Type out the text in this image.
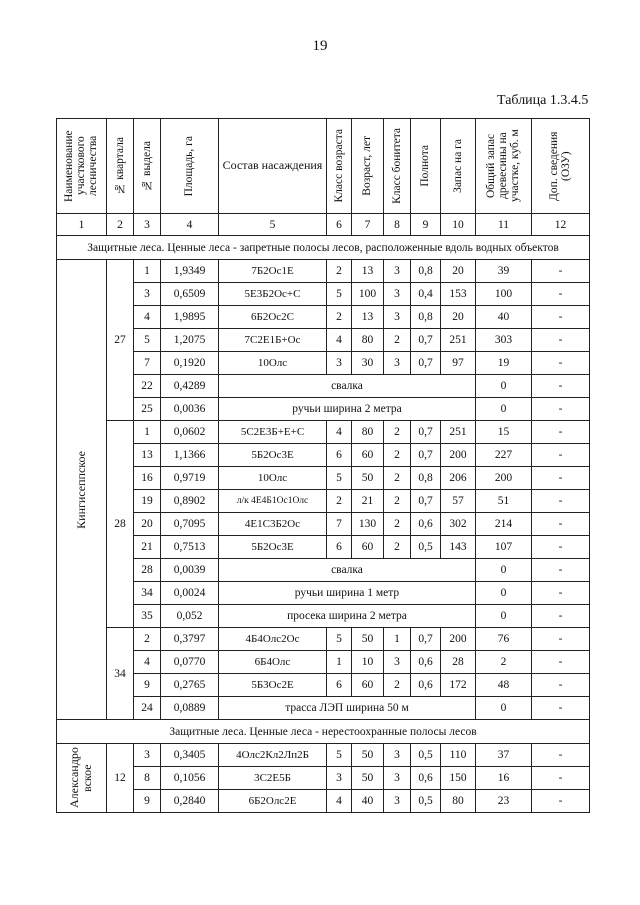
19
Таблица 1.3.4.5
Наименование участкового лесничества	№ квартала	№ выдела	Площадь, га	Состав насаждения	Класс возраста	Возраст, лет	Класс бонитета	Полнота	Запас на га	Общий запас древесины на участке, куб. м	Доп. сведения (ОЗУ)

1	2	3	4	5	6	7	8	9	10	11	12
Защитные леса. Ценные леса - запретные полосы лесов, расположенные вдоль водных объектов											

Кингисеппское	27	1	1,9349	7Б2Ос1Е	2	13	3	0,8	20	39	-
		3	0,6509	5Е3Б2Ос+С	5	100	3	0,4	153	100	-
		4	1,9895	6Б2Ос2С	2	13	3	0,8	20	40	-
		5	1,2075	7С2Е1Б+Ос	4	80	2	0,7	251	303	-
		7	0,1920	10Олс	3	30	3	0,7	97	19	-
		22	0,4289	свалка						0	-
		25	0,0036	ручьи ширина 2 метра						0	-
	28	1	0,0602	5С2Е3Б+Е+С	4	80	2	0,7	251	15	-
		13	1,1366	5Б2Ос3Е	6	60	2	0,7	200	227	-
		16	0,9719	10Олс	5	50	2	0,8	206	200	-
		19	0,8902	л/к 4Е4Б1Ос1Олс	2	21	2	0,7	57	51	-
		20	0,7095	4Е1С3Б2Ос	7	130	2	0,6	302	214	-
		21	0,7513	5Б2Ос3Е	6	60	2	0,5	143	107	-
		28	0,0039	свалка						0	-
		34	0,0024	ручьи ширина 1 метр						0	-
		35	0,052	просека ширина 2 метра						0	-
	34	2	0,3797	4Б4Олс2Ос	5	50	1	0,7	200	76	-
		4	0,0770	6Б4Олс	1	10	3	0,6	28	2	-
		9	0,2765	5Б3Ос2Е	6	60	2	0,6	172	48	-
		24	0,0889	трасса ЛЭП ширина 50 м						0	-
Защитные леса. Ценные леса - нерестоохранные полосы лесов											

Александро вское	12	3	0,3405	4Олс2Кл2Лп2Б	5	50	3	0,5	110	37	-
		8	0,1056	3С2Е5Б	3	50	3	0,6	150	16	-
		9	0,2840	6Б2Олс2Е	4	40	3	0,5	80	23	-
